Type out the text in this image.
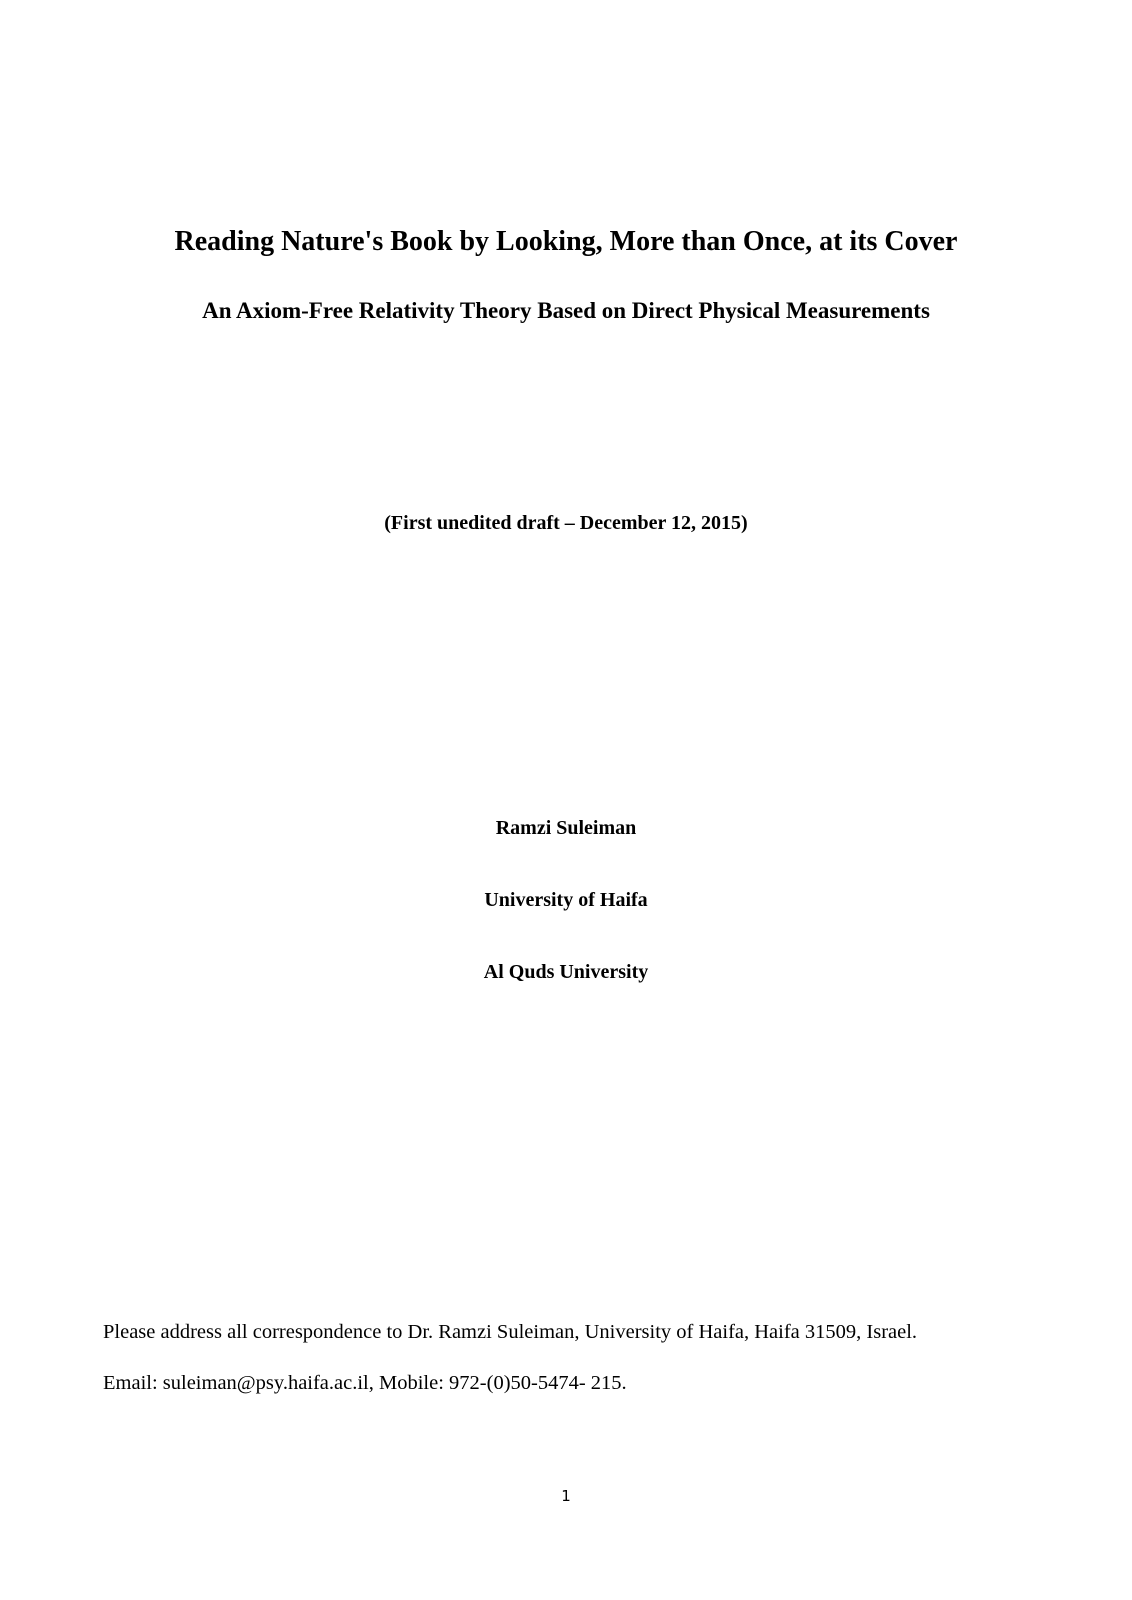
Reading Nature's Book by Looking, More than Once, at its Cover
An Axiom-Free Relativity Theory Based on Direct Physical Measurements
(First unedited draft – December 12, 2015)
Ramzi Suleiman
University of Haifa
Al Quds University
Please address all correspondence to Dr. Ramzi Suleiman, University of Haifa, Haifa 31509, Israel.
Email: suleiman@psy.haifa.ac.il, Mobile: 972-(0)50-5474- 215.
1
